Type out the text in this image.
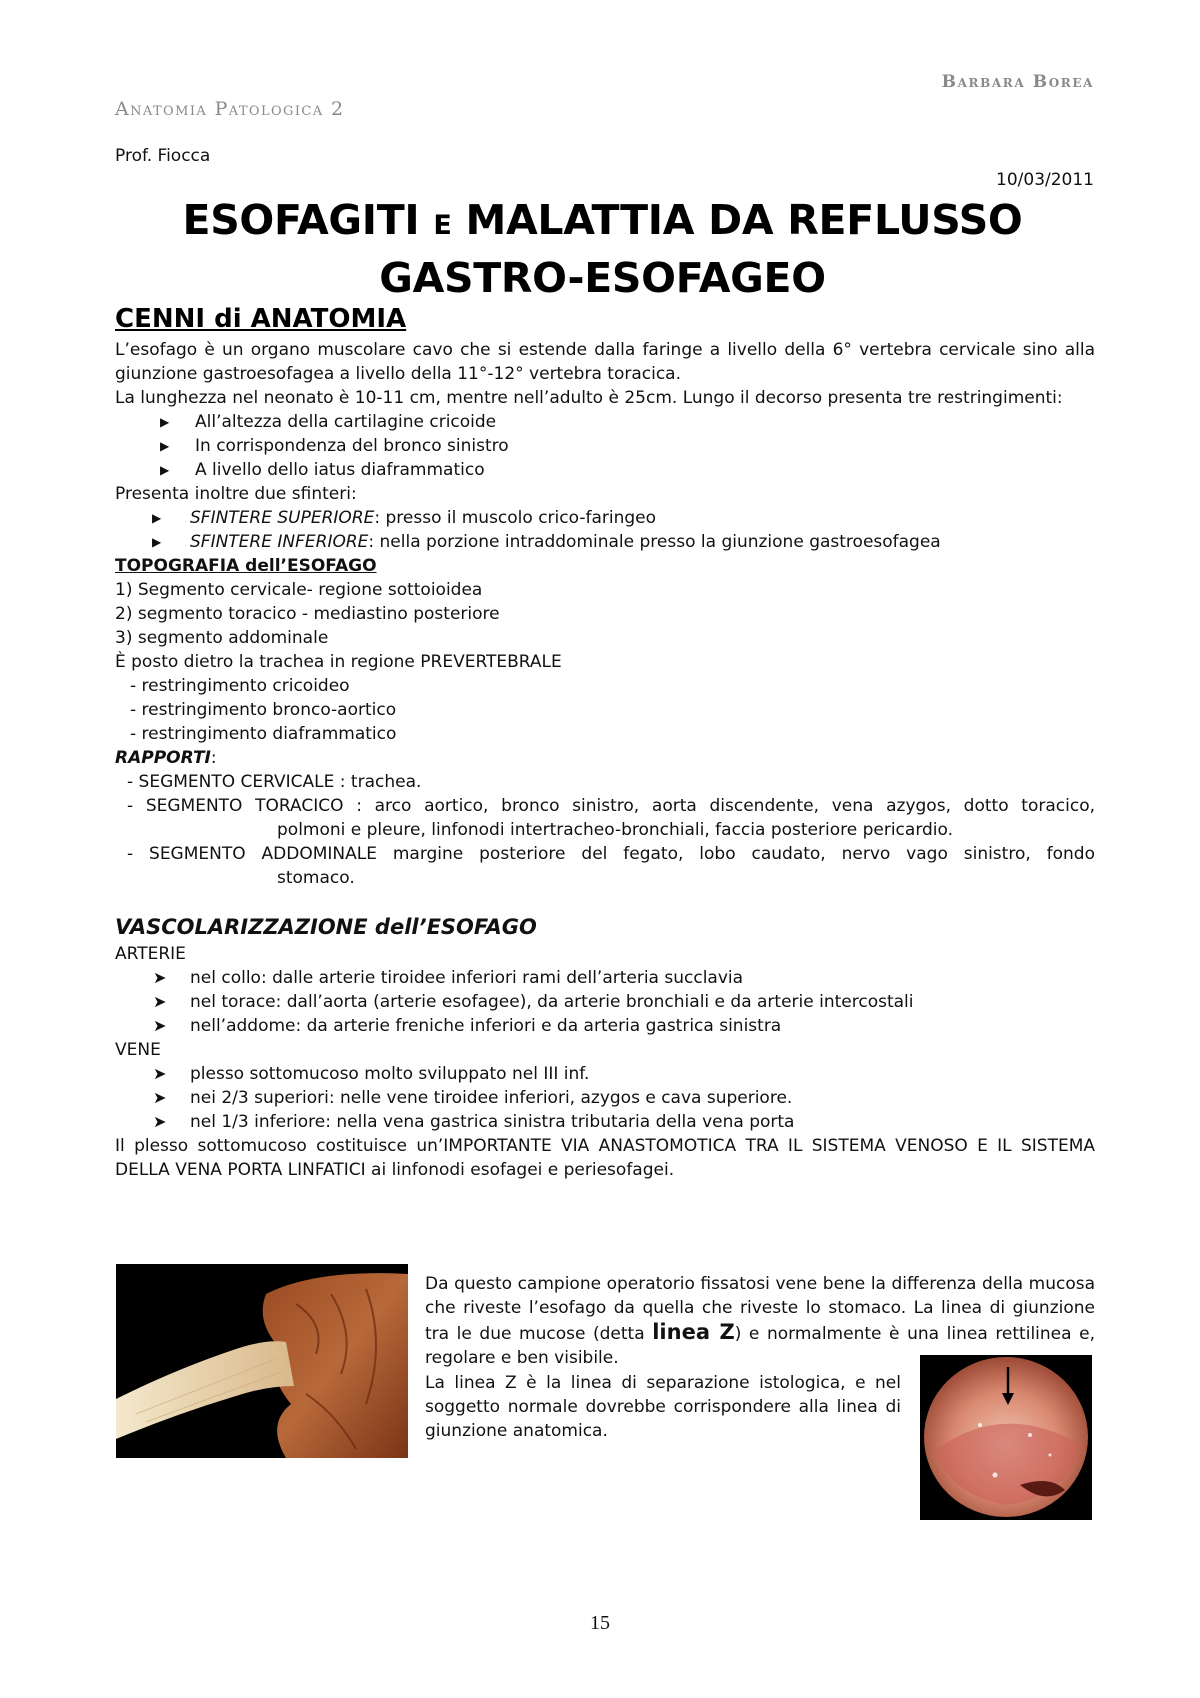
Barbara Borea
Anatomia Patologica 2
Prof. Fiocca
10/03/2011
ESOFAGITI E MALATTIA DA REFLUSSO
GASTRO-ESOFAGEO
CENNI di ANATOMIA

L’esofago è un organo muscolare cavo che si estende dalla faringe a livello della 6° vertebra cervicale sino alla giunzione gastroesofagea a livello della 11°-12° vertebra toracica.

La lunghezza nel neonato è 10-11 cm, mentre nell’adulto è 25cm. Lungo il decorso presenta tre restringimenti:

▶ All’altezza della cartilagine cricoide
▶ In corrispondenza del bronco sinistro
▶ A livello dello iatus diaframmatico

Presenta inoltre due sfinteri:

▶ SFINTERE SUPERIORE: presso il muscolo crico-faringeo
▶ SFINTERE INFERIORE: nella porzione intraddominale presso la giunzione gastroesofagea
TOPOGRAFIA dell’ESOFAGO

1) Segmento cervicale- regione sottoioidea

2) segmento toracico - mediastino posteriore

3) segmento addominale

È posto dietro la trachea in regione PREVERTEBRALE

- restringimento cricoideo

- restringimento bronco-aortico

- restringimento diaframmatico

RAPPORTI:

- SEGMENTO CERVICALE : trachea.

- SEGMENTO TORACICO : arco aortico, bronco sinistro, aorta discendente, vena azygos, dotto toracico,

polmoni e pleure, linfonodi intertracheo-bronchiali, faccia posteriore pericardio.

- SEGMENTO ADDOMINALE margine posteriore del fegato, lobo caudato, nervo vago sinistro, fondo

stomaco.

VASCOLARIZZAZIONE dell’ESOFAGO

ARTERIE

➤ nel collo: dalle arterie tiroidee inferiori rami dell’arteria succlavia
➤ nel torace: dall’aorta (arterie esofagee), da arterie bronchiali e da arterie intercostali
➤ nell’addome: da arterie freniche inferiori e da arteria gastrica sinistra

VENE

➤ plesso sottomucoso molto sviluppato nel III inf.
➤ nei 2/3 superiori: nelle vene tiroidee inferiori, azygos e cava superiore.
➤ nel 1/3 inferiore: nella vena gastrica sinistra tributaria della vena porta

Il plesso sottomucoso costituisce un’IMPORTANTE VIA ANASTOMOTICA TRA IL SISTEMA VENOSO E IL SISTEMA DELLA VENA PORTA LINFATICI ai linfonodi esofagei e periesofagei.

Da questo campione operatorio fissatosi vene bene la differenza della mucosa che riveste l’esofago da quella che riveste lo stomaco. La linea di giunzione tra le due mucose (detta linea Z) e normalmente è una linea rettilinea e, regolare e ben visibile.
La linea Z è la linea di separazione istologica, e nel soggetto normale dovrebbe corrispondere alla linea di giunzione anatomica.
15
